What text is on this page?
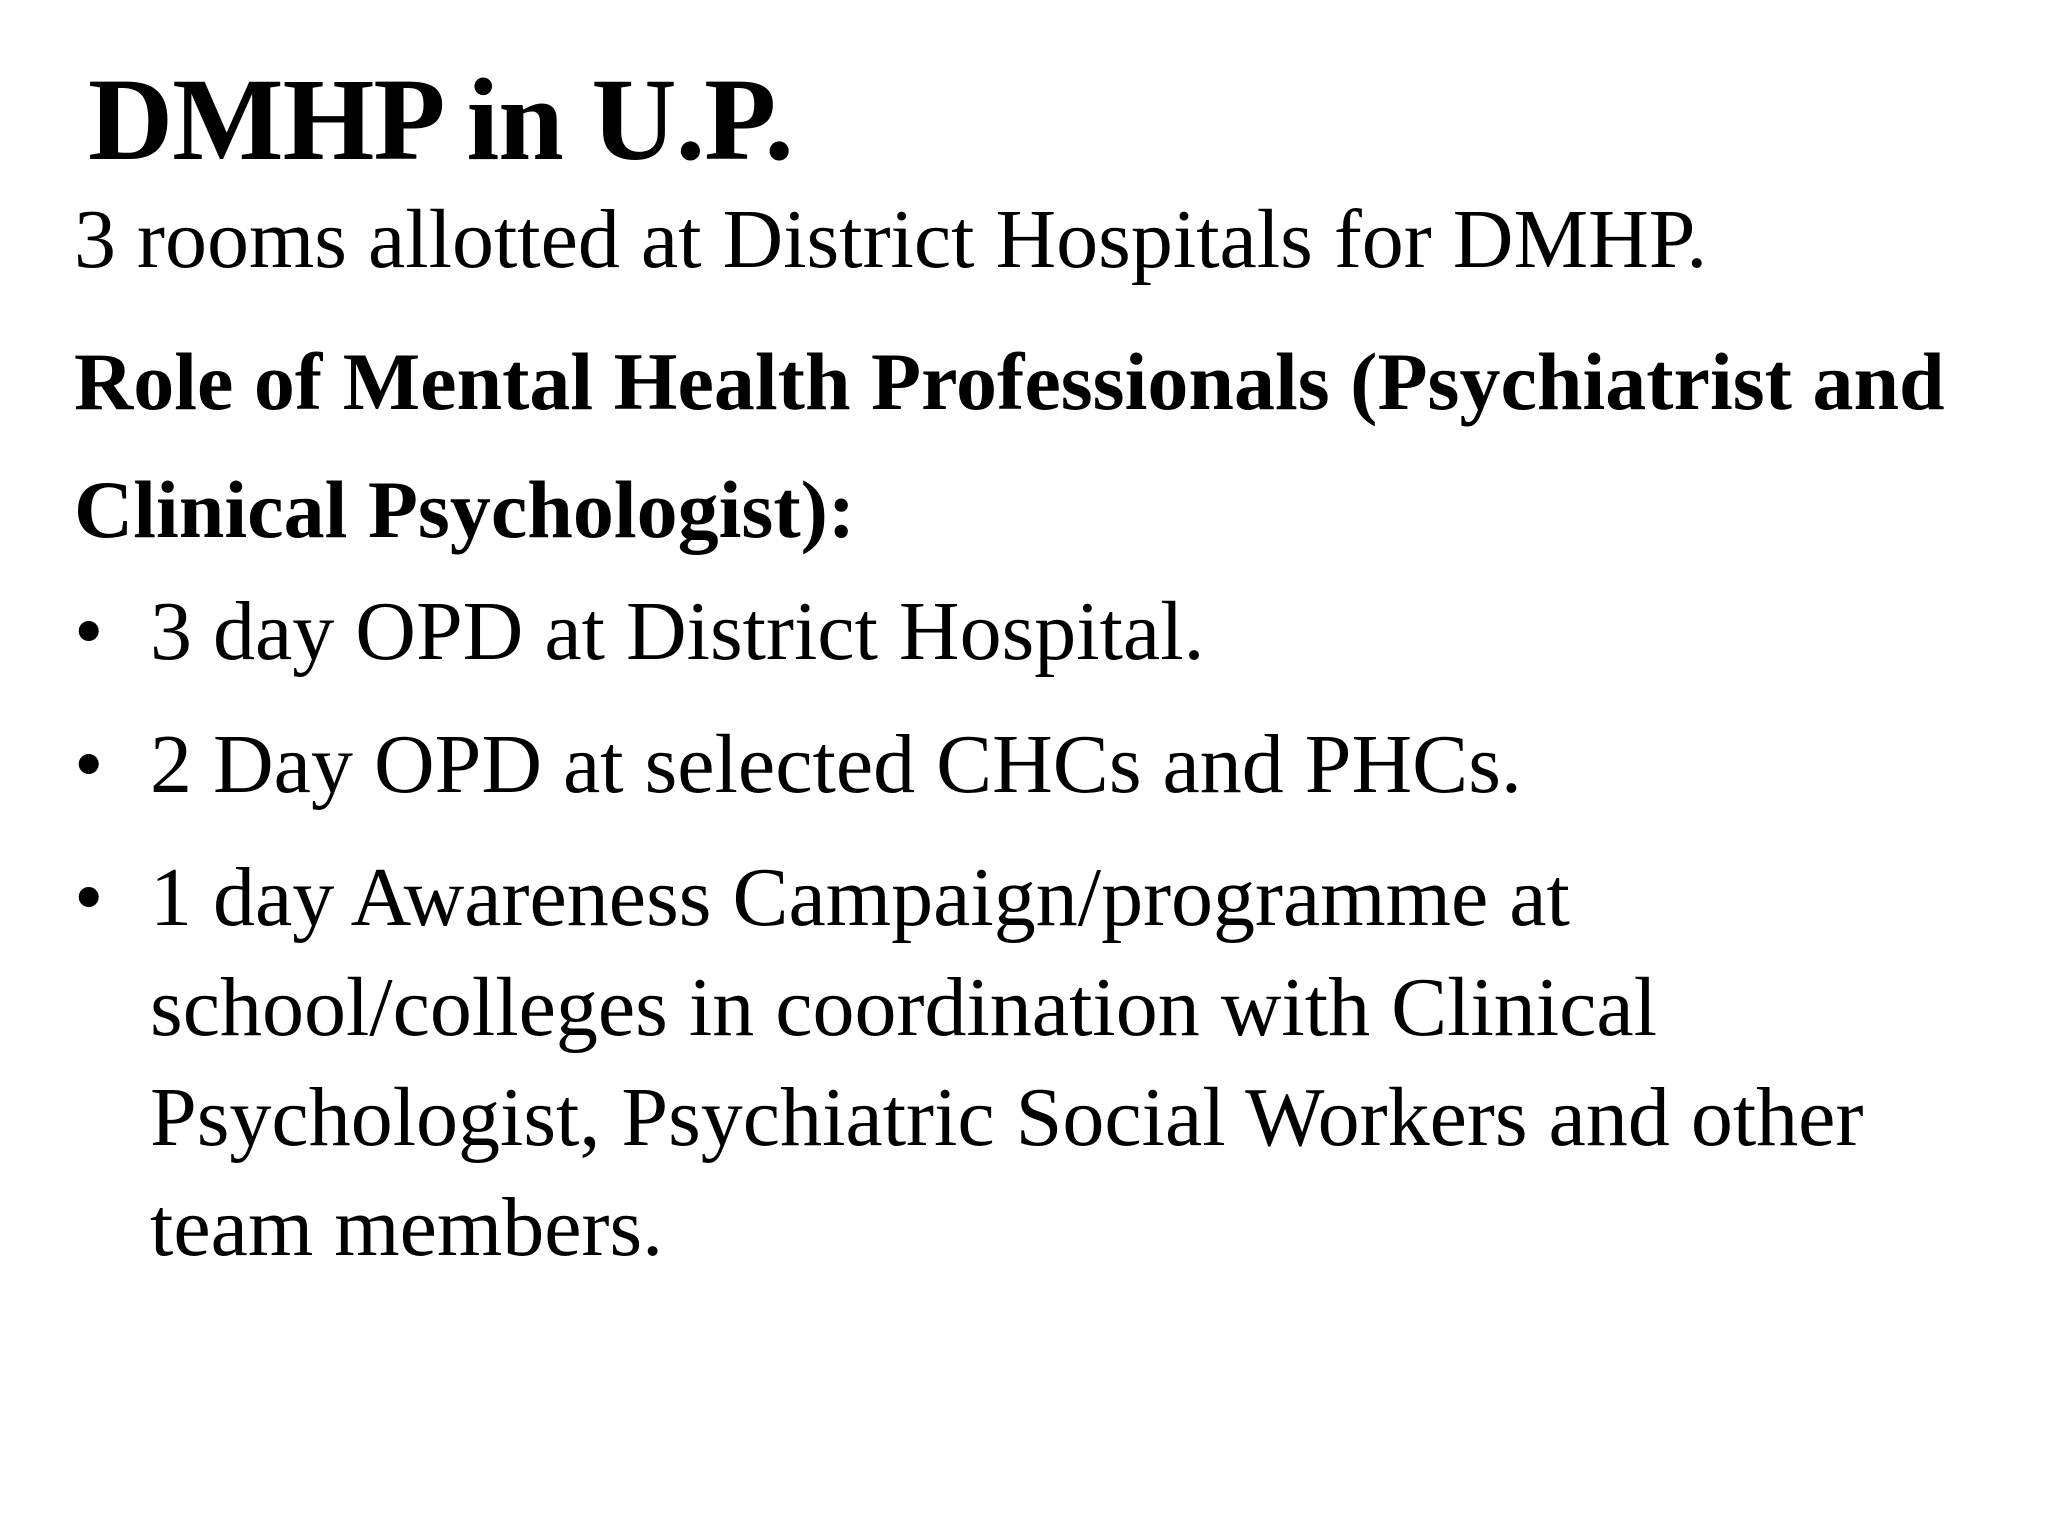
DMHP in U.P.

3 rooms allotted at District Hospitals for DMHP.

Role of Mental Health Professionals (Psychiatrist and Clinical Psychologist):

• 3 day OPD at District Hospital.
• 2 Day OPD at selected CHCs and PHCs.
• 1 day Awareness Campaign/programme at school/colleges in coordination with Clinical Psychologist, Psychiatric Social Workers and other team members.
